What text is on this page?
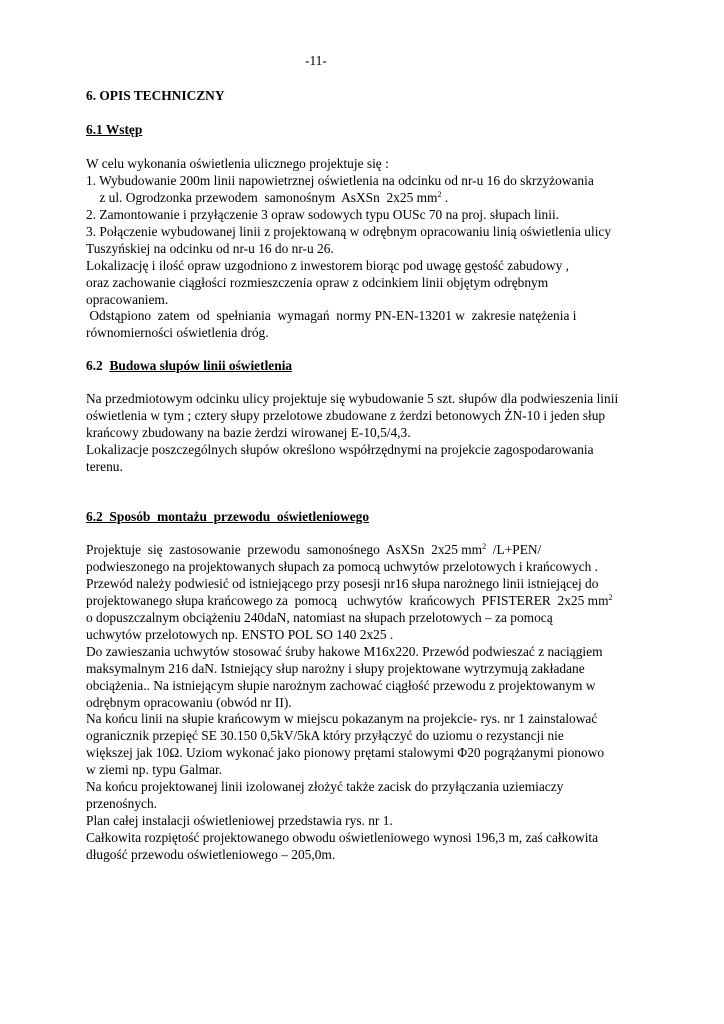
-11-
6. OPIS TECHNICZNY
6.1 Wstęp
W celu wykonania oświetlenia ulicznego projektuje się :
1. Wybudowanie 200m linii napowietrznej oświetlenia na odcinku od nr-u 16 do skrzyżowania
z ul. Ogrodzonka przewodem  samonośnym  AsXSn  2x25 $mm^2$ .
2. Zamontowanie i przyłączenie 3 opraw sodowych typu OUSc 70 na proj. słupach linii.
3. Połączenie wybudowanej linii z projektowaną w odrębnym opracowaniu linią oświetlenia ulicy
Tuszyńskiej na odcinku od nr-u 16 do nr-u 26.
Lokalizację i ilość opraw uzgodniono z inwestorem biorąc pod uwagę gęstość zabudowy ,
oraz zachowanie ciągłości rozmieszczenia opraw z odcinkiem linii objętym odrębnym
opracowaniem.
Odstąpiono  zatem  od  spełniania  wymagań  normy PN-EN-13201 w  zakresie natężenia i
równomierności oświetlenia dróg.
6.2  Budowa słupów linii oświetlenia
Na przedmiotowym odcinku ulicy projektuje się wybudowanie 5 szt. słupów dla podwieszenia linii
oświetlenia w tym ; cztery słupy przelotowe zbudowane z żerdzi betonowych ŻN-10 i jeden słup
krańcowy zbudowany na bazie żerdzi wirowanej E-10,5/4,3.
Lokalizacje poszczególnych słupów określono współrzędnymi na projekcie zagospodarowania
terenu.
6.2  Sposób  montażu  przewodu  oświetleniowego
Projektuje  się  zastosowanie  przewodu  samonośnego  AsXSn  2x25 $mm^2$  /L+PEN/
podwieszonego na projektowanych słupach za pomocą uchwytów przelotowych i krańcowych .
Przewód należy podwiesić od istniejącego przy posesji nr16 słupa narożnego linii istniejącej do
projektowanego słupa krańcowego za  pomocą   uchwytów  krańcowych  PFISTERER  2x25 $mm^2$
o dopuszczalnym obciążeniu 240daN, natomiast na słupach przelotowych – za pomocą
uchwytów przelotowych np. ENSTO POL SO 140 2x25 .
Do zawieszania uchwytów stosować śruby hakowe M16x220. Przewód podwieszać z naciągiem
maksymalnym 216 daN. Istniejący słup narożny i słupy projektowane wytrzymują zakładane
obciążenia.. Na istniejącym słupie narożnym zachować ciągłość przewodu z projektowanym w
odrębnym opracowaniu (obwód nr II).
Na końcu linii na słupie krańcowym w miejscu pokazanym na projekcie- rys. nr 1 zainstalować
ogranicznik przepięć SE 30.150 0,5kV/5kA który przyłączyć do uziomu o rezystancji nie
większej jak 10Ω. Uziom wykonać jako pionowy prętami stalowymi Φ20 pogrążanymi pionowo
w ziemi np. typu Galmar.
Na końcu projektowanej linii izolowanej złożyć także zacisk do przyłączania uziemiaczy
przenośnych.
Plan całej instalacji oświetleniowej przedstawia rys. nr 1.
Całkowita rozpiętość projektowanego obwodu oświetleniowego wynosi 196,3 m, zaś całkowita
długość przewodu oświetleniowego – 205,0m.
